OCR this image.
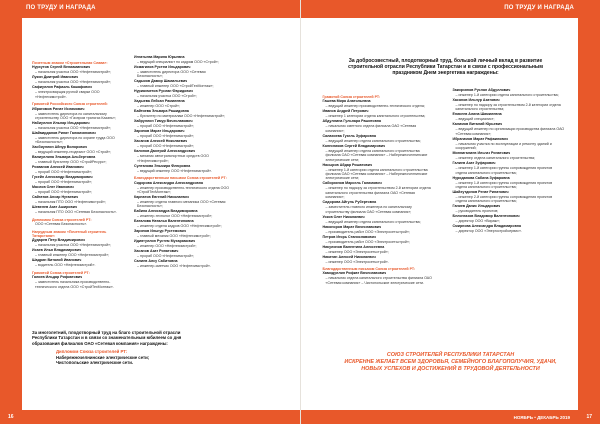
ПО ТРУДУ И НАГРАДА
16
Почетным знаком «Строительная Слава»:
Нурхутов Сергей Вениаминович
– начальник участка ООО «Нефтехимстрой»;
Лукин Дмитрий Иванович
– начальник участка ООО «Нефтехимстрой»;
Сафиуллин Рафаэль Кашафович
– электросварщик ручной сварки ООО «Нефтехимстрой».
Грамотой Российского Союза строителей:
Ибрагимов Ринат Исламович
– заместитель директора по капитальному строительству ООО «Газпром трансгаз Казань»;
Набиуллин Ильнар Ильдарович
– начальник участка ООО «Нефтехимстрой»;
Шаймарданов Ринат Галимзянович
– заместитель директора по охране труда ООО «Безопасность»;
Хасбиуллин Айнур Вилорович
– ведущий инженер-геодезист ООО «Строй»;
Валиуллина Эльвира Альбертовна
– главный бухгалтер ООО «СтройРесурс»;
Ризванов Алексей Иванович
– прораб ООО «Нефтехимстрой»;
Гусейн Александр Владимирович
– прораб ООО «Нефтехимстрой»;
Маслов Олег Иванович
– прораб ООО «Нефтехимстрой»;
Сайгатов Ансар Нугаевич
– начальник ПТО ООО «Нефтехимстрой»;
Шевелев Азат Аширович
– начальник ПТО ООО «Сетевая Безопасность».
Дипломом Союза строителей РТ:
ООО «Сетевая Безопасность».
Нагрудным знаком «Почетный строитель Татарстана»:
Дударев Петр Владимирович
– начальник участка ООО «Нефтехимстрой»;
Исаев Илья Владимирович
– главный инженер ООО «Нефтехимстрой»;
Шадрин Виталий Иванович
– водитель ООО «Нефтехимстрой».
Грамотой Союза строителей РТ:
Галиев Ильдар Рифкатович
– заместитель начальника производственно-технического отдела ООО «СтройТехМонтаж».
Игнатьева Марина Юрьевна
– ведущий специалист по кадрам ООО «Строй»;
Исмагилов Рустем Ильдарович
– заместитель директора ООО «Сетевая Безопасность»;
Садыков Дамир Шамильевич
– главный инженер ООО «СтройТехМонтаж»;
Нуриахметов Руслан Фаридович
– начальник участка ООО «Строй»;
Хадыева Лейсан Рамилевна
– инженер ООО «Строй»;
Байтиева Эльвира Рашидовна
– бухгалтер по материалам ООО «Нефтехимстрой»;
Хайруллин Тимур Вячеславович
– прораб ООО «Нефтехимстрой»;
Зарипов Марат Ильдарович
– прораб ООО «Нефтехимстрой»;
Хасанов Алексей Николаевич
– прораб ООО «Нефтехимстрой»;
Калинов Дмитрий Александрович
– механик автотранспортных средств ООО «Нефтехимстрой»;
Султанова Эльмира Флюровна
– ведущий инженер ООО «Нефтехимстрой».
Благодарственным письмом Союза строителей РТ:
Сидорова Александра Александровна
– инженер производственно-технического отдела ООО «СтройТехМонтаж»;
Карпатов Евгений Николаевич
– инженер отдела главного механика ООО «Сетевая Безопасность»;
Бабина Александра Владимировна
– инженер-технолог ООО «Нефтехимстрой»;
Баталова Наталья Валентиновна
– инженер отдела кадров ООО «Нефтехимстрой»;
Зарипов Ильнур Рустемович
– главный механик ООО «Нефтехимстрой»;
Идиятуллин Рустем Мухарамович
– инженер ООО «Нефтехимстрой»;
Хасанов Азат Ринатович
– прораб ООО «Нефтехимстрой»;
Салиев Алсу Сабитовна
– инженер-сметчик ООО «Нефтехимстрой».
За многолетний, плодотворный труд на благо строительной отрасли Республики Татарстан и в связи со знаменательным юбилеем со дня образования филиалов ОАО «Сетевая компания» награждены:
Дипломом Союза строителей РТ:
Набережночелнинские электрические сети;
Чистопольские электрические сети.
ПО ТРУДУ И НАГРАДА
НОЯБРЬ • ДЕКАБРЬ 2019	17
За добросовестный, плодотворный труд, большой личный вклад в развитие строительной отрасли Республики Татарстан и в связи с профессиональным праздником Днем энергетика награждены:
Грамотой Союза строителей РТ:
Гашева Мира Анатольевна
– ведущий инженер производственно-технического отдела;
Иванов Андрей Петрович
– инженер 1 категории отдела капитального строительства;
Абдуллина Гульнара Рашитовна
– начальник сметного отдела филиала ОАО «Сетевая компания»;
Салахиева Гузель Зуфаровна
– ведущий инженер отдела капитального строительства;
Колесников Сергей Владимирович
– ведущий инженер отдела капитального строительства филиала ОАО «Сетевая компания» – Набережночелнинские электрические сети;
Насыров Айдар Ришатович
– инженер 1-й категории отдела капитального строительства филиала ОАО «Сетевая компания» – Набережночелнинские электрические сети;
Сабирзянов Марсель Галимович
– инженер по надзору за строительством 2-й категории отдела капитального строительства филиала ОАО «Сетевая компания»;
Сидорова Айгуль Рубертовна
– заместитель главного инженера по капитальному строительству филиала ОАО «Сетевая компания»;
Усков Олег Николаевич
– ведущий инженер отдела капитального строительства;
Никоноров Марат Вячеславович
– производитель работ ООО «Электросетьстрой»;
Петров Игорь Станиславович
– производитель работ ООО «Электросетьстрой»;
Никулинов Валентина Алексеевна
– инженер ООО «Электросетьстрой»;
Никитин Алексей Николаевич
– инженер ООО «Электросетьстрой».
Благодарственным письмом Союза строителей РТ:
Хамидуллин Рифкат Вячеславович
– начальник отдела капитального строительства филиала ОАО «Сетевая компания» – Чистопольские электрические сети.
Закирзянов Руслан Абдуллович
– инженер 1-й категории отдела капитального строительства;
Хасанов Ильнур Азатович
– инженер по надзору за строительством 2-й категории отдела капитального строительства;
Еникеев Алина Шамилевна
– ведущий специалист;
Калимов Виталий Юрьевич
– ведущий инженер по организации производства филиала ОАО «Сетевая компания»;
Ибрагимов Марат Рафаилович
– начальник участка по эксплуатации и ремонту зданий и сооружений;
Миннигалиев Ильгиз Ринатович
– инженер отдела капитального строительства;
Галиев Азат Зуфарович
– инженер 1-й категории группы сопровождения проектов отдела капитального строительства;
Нуриданова Сабина Зуфаровна
– инженер 1-й категории группы сопровождения проектов отдела капитального строительства;
Шайхутдинов Ренат Ринатович
– инженер 2-й категории группы сопровождения проектов отдела капитального строительства;
Ганиев Данис Ильдарович
– руководитель проектов;
Белоглазов Владимир Валентинович
– директор ООО «Вираж»;
Смирнова Александра Владимировна
– директор ООО «Энергостройсервис».
СОЮЗ СТРОИТЕЛЕЙ РЕСПУБЛИКИ ТАТАРСТАН
ИСКРЕННЕ ЖЕЛАЕТ ВСЕМ ЗДОРОВЬЯ, СЕМЕЙНОГО БЛАГОПОЛУЧИЯ, УДАЧИ,
НОВЫХ УСПЕХОВ И ДОСТИЖЕНИЙ В ТРУДОВОЙ ДЕЯТЕЛЬНОСТИ
